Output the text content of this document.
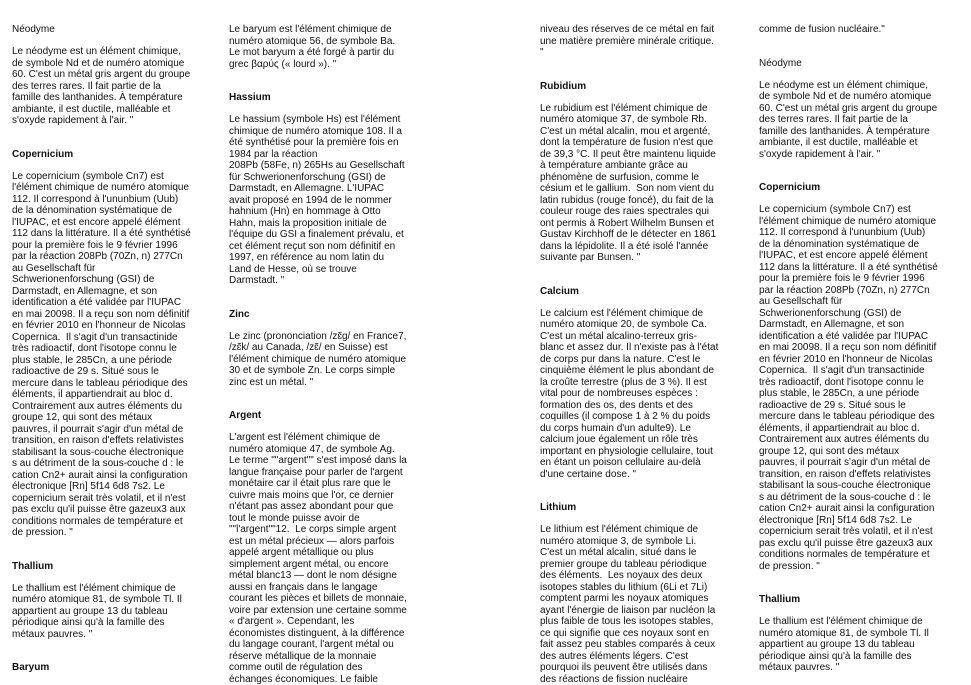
Néodyme
Le néodyme est un élément chimique,
de symbole Nd et de numéro atomique
60. C'est un métal gris argent du groupe
des terres rares. Il fait partie de la
famille des lanthanides. À température
ambiante, il est ductile, malléable et
s'oxyde rapidement à l'air. "
Copernicium
Le copernicium (symbole Cn7) est
l'élément chimique de numéro atomique
112. Il correspond à l'ununbium (Uub)
de la dénomination systématique de
l'IUPAC, et est encore appelé élément
112 dans la littérature. Il a été synthétisé
pour la première fois le 9 février 1996
par la réaction 208Pb (70Zn, n) 277Cn
au Gesellschaft für
Schwerionenforschung (GSI) de
Darmstadt, en Allemagne, et son
identification a été validée par l'IUPAC
en mai 20098. Il a reçu son nom définitif
en février 2010 en l'honneur de Nicolas
Copernica.  Il s'agit d'un transactinide
très radioactif, dont l'isotope connu le
plus stable, le 285Cn, a une période
radioactive de 29 s. Situé sous le
mercure dans le tableau périodique des
éléments, il appartiendrait au bloc d.
Contrairement aux autres éléments du
groupe 12, qui sont des métaux
pauvres, il pourrait s'agir d'un métal de
transition, en raison d'effets relativistes
stabilisant la sous-couche électronique
s au détriment de la sous-couche d : le
cation Cn2+ aurait ainsi la configuration
électronique [Rn] 5f14 6d8 7s2. Le
copernicium serait très volatil, et il n'est
pas exclu qu'il puisse être gazeux3 aux
conditions normales de température et
de pression. "
Thallium
Le thallium est l'élément chimique de
numéro atomique 81, de symbole Tl. Il
appartient au groupe 13 du tableau
périodique ainsi qu'à la famille des
métaux pauvres. "
Baryum
Le baryum est l'élément chimique de
numéro atomique 56, de symbole Ba.
Le mot baryum a été forgé à partir du
grec βαρύς (« lourd »). "
Hassium
Le hassium (symbole Hs) est l'élément
chimique de numéro atomique 108. Il a
été synthétisé pour la première fois en
1984 par la réaction
208Pb (58Fe, n) 265Hs au Gesellschaft
für Schwerionenforschung (GSI) de
Darmstadt, en Allemagne. L'IUPAC
avait proposé en 1994 de le nommer
hahnium (Hn) en hommage à Otto
Hahn, mais la proposition initiale de
l'équipe du GSI a finalement prévalu, et
cet élément reçut son nom définitif en
1997, en référence au nom latin du
Land de Hesse, où se trouve
Darmstadt. "
Zinc
Le zinc (prononciation /zɛ̃g/ en France7,
/zɛ̃k/ au Canada, /zɛ̃/ en Suisse) est
l'élément chimique de numéro atomique
30 et de symbole Zn. Le corps simple
zinc est un métal. "
Argent
L'argent est l'élément chimique de
numéro atomique 47, de symbole Ag.
Le terme ""argent"" s'est imposé dans la
langue française pour parler de l'argent
monétaire car il était plus rare que le
cuivre mais moins que l'or, ce dernier
n'étant pas assez abondant pour que
tout le monde puisse avoir de
""l'argent""12.  Le corps simple argent
est un métal précieux — alors parfois
appelé argent métallique ou plus
simplement argent métal, ou encore
métal blanc13 — dont le nom désigne
aussi en français dans le langage
courant les pièces et billets de monnaie,
voire par extension une certaine somme
« d'argent ». Cependant, les
économistes distinguent, à la différence
du langage courant, l'argent métal ou
réserve métallique de la monnaie
comme outil de régulation des
échanges économiques. Le faible
niveau des réserves de ce métal en fait
une matière première minérale critique.
"
Rubidium
Le rubidium est l'élément chimique de
numéro atomique 37, de symbole Rb.
C'est un métal alcalin, mou et argenté,
dont la température de fusion n'est que
de 39,3 °C. Il peut être maintenu liquide
à température ambiante grâce au
phénomène de surfusion, comme le
césium et le gallium.  Son nom vient du
latin rubidus (rouge foncé), du fait de la
couleur rouge des raies spectrales qui
ont permis à Robert Wilhelm Bunsen et
Gustav Kirchhoff de le détecter en 1861
dans la lépidolite. Il a été isolé l'année
suivante par Bunsen. "
Calcium
Le calcium est l'élément chimique de
numéro atomique 20, de symbole Ca.
C'est un métal alcalino-terreux gris-
blanc et assez dur. Il n'existe pas à l'état
de corps pur dans la nature. C'est le
cinquième élément le plus abondant de
la croûte terrestre (plus de 3 %). Il est
vital pour de nombreuses espèces :
formation des os, des dents et des
coquilles (il compose 1 à 2 % du poids
du corps humain d'un adulte9). Le
calcium joue également un rôle très
important en physiologie cellulaire, tout
en étant un poison cellulaire au-delà
d'une certaine dose. "
Lithium
Le lithium est l'élément chimique de
numéro atomique 3, de symbole Li.
C'est un métal alcalin, situé dans le
premier groupe du tableau périodique
des éléments.  Les noyaux des deux
isotopes stables du lithium (6Li et 7Li)
comptent parmi les noyaux atomiques
ayant l'énergie de liaison par nucléon la
plus faible de tous les isotopes stables,
ce qui signifie que ces noyaux sont en
fait assez peu stables comparés à ceux
des autres éléments légers. C'est
pourquoi ils peuvent être utilisés dans
des réactions de fission nucléaire
comme de fusion nucléaire."
Néodyme
Le néodyme est un élément chimique,
de symbole Nd et de numéro atomique
60. C'est un métal gris argent du groupe
des terres rares. Il fait partie de la
famille des lanthanides. À température
ambiante, il est ductile, malléable et
s'oxyde rapidement à l'air. "
Copernicium
Le copernicium (symbole Cn7) est
l'élément chimique de numéro atomique
112. Il correspond à l'ununbium (Uub)
de la dénomination systématique de
l'IUPAC, et est encore appelé élément
112 dans la littérature. Il a été synthétisé
pour la première fois le 9 février 1996
par la réaction 208Pb (70Zn, n) 277Cn
au Gesellschaft für
Schwerionenforschung (GSI) de
Darmstadt, en Allemagne, et son
identification a été validée par l'IUPAC
en mai 20098. Il a reçu son nom définitif
en février 2010 en l'honneur de Nicolas
Copernica.  Il s'agit d'un transactinide
très radioactif, dont l'isotope connu le
plus stable, le 285Cn, a une période
radioactive de 29 s. Situé sous le
mercure dans le tableau périodique des
éléments, il appartiendrait au bloc d.
Contrairement aux autres éléments du
groupe 12, qui sont des métaux
pauvres, il pourrait s'agir d'un métal de
transition, en raison d'effets relativistes
stabilisant la sous-couche électronique
s au détriment de la sous-couche d : le
cation Cn2+ aurait ainsi la configuration
électronique [Rn] 5f14 6d8 7s2. Le
copernicium serait très volatil, et il n'est
pas exclu qu'il puisse être gazeux3 aux
conditions normales de température et
de pression. "
Thallium
Le thallium est l'élément chimique de
numéro atomique 81, de symbole Tl. Il
appartient au groupe 13 du tableau
périodique ainsi qu'à la famille des
métaux pauvres. "
